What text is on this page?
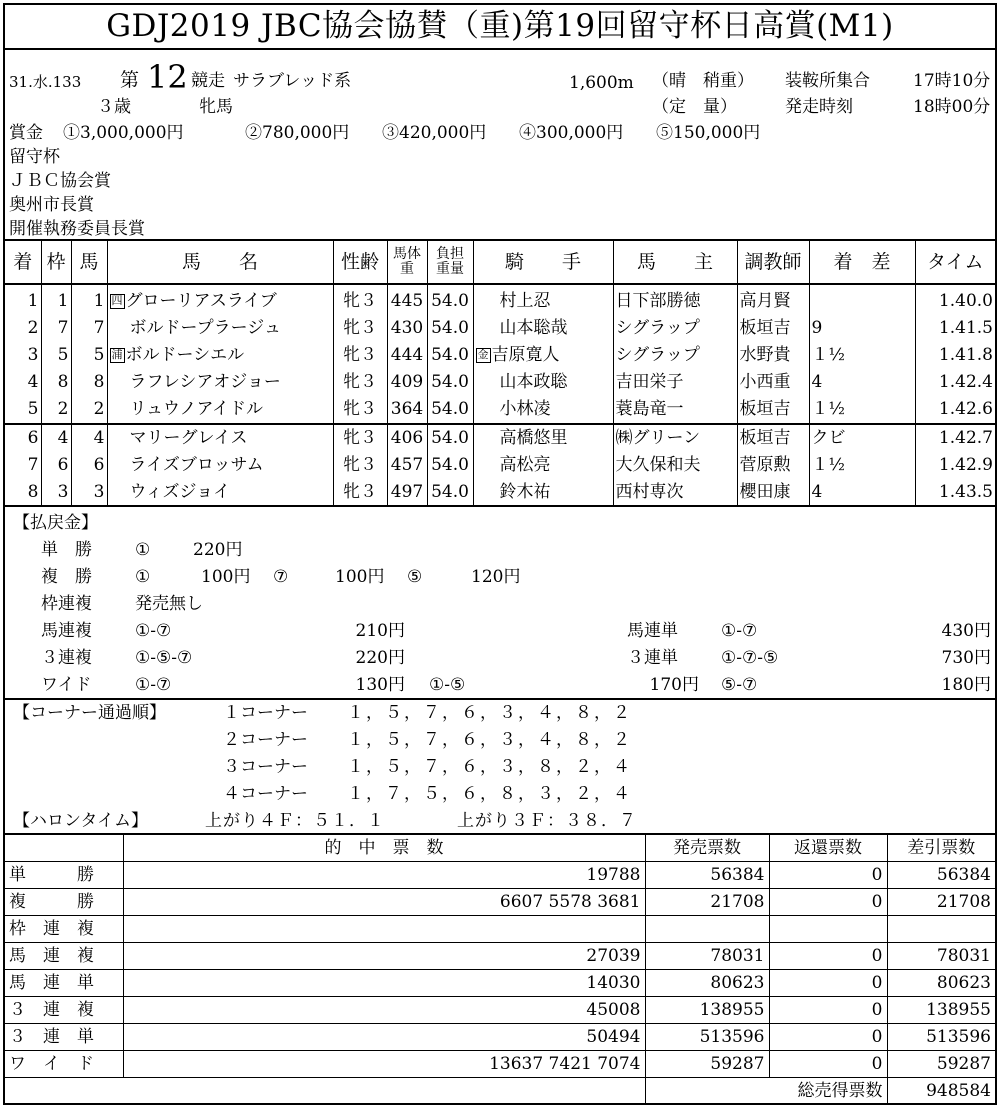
GDJ2019 JBC協会協賛（重)第19回留守杯日高賞(M1)
31.水.133 第 12 競走 サラブレッド系	1,600m （晴　稍重） 装鞍所集合	17時10分
３歳	牝馬	（定　量）	発走時刻	18時00分
賞金 ①3,000,000円	②780,000円 ③420,000円 ④300,000円 ⑤150,000円
留守杯
ＪＢＣ協会賞
奥州市長賞
開催執務委員長賞
着	枠	馬	馬　　名	性齢	馬体重	負担重量	騎　　手	馬　　主	調教師	着　差	タイム
1	1	1	四 グローリアスライブ	牝３	445	54.0	村上忍	日下部勝徳	高月賢		1.40.0
2	7	7	ボルドープラージュ	牝３	430	54.0	山本聡哉	シグラップ	板垣吉	9	1.41.5
3	5	5	浦 ボルドーシエル	牝３	444	54.0	金 吉原寛人	シグラップ	水野貴	１½	1.41.8
4	8	8	ラフレシアオジョー	牝３	409	54.0	山本政聡	吉田栄子	小西重	4	1.42.4
5	2	2	リュウノアイドル	牝３	364	54.0	小林凌	蓑島竜一	板垣吉	１½	1.42.6
6	4	4	マリーグレイス	牝３	406	54.0	高橋悠里	㈱グリーン	板垣吉	クビ	1.42.7
7	6	6	ライズブロッサム	牝３	457	54.0	高松亮	大久保和夫	菅原勲	１½	1.42.9
8	3	3	ウィズジョイ	牝３	497	54.0	鈴木祐	西村専次	櫻田康	4	1.43.5
【払戻金】
単　勝	①	220円
複　勝	①	100円 ⑦	100円 ⑤	120円
枠連複	発売無し
馬連複	①-⑦	210円	馬連単	①-⑦	430円
３連複	①-⑤-⑦	220円	３連単	①-⑦-⑤	730円
ワイド	①-⑦	130円 ①-⑤	170円 ⑤-⑦	180円
【コーナー通過順】	１コーナー １，５，７，６，３，４，８，２
２コーナー １，５，７，６，３，４，８，２
３コーナー １，５，７，６，３，８，２，４
４コーナー １，７，５，６，８，３，２，４
【ハロンタイム】	上がり４Ｆ：５１．１	上がり３Ｆ：３８．７
	的　中　票　数	発売票数	返還票数	差引票数
単　　　勝	19788	56384	0	56384
複　　　勝	6607 5578 3681	21708	0	21708
枠　連　複				
馬　連　複	27039	78031	0	78031
馬　連　単	14030	80623	0	80623
３　連　複	45008	138955	0	138955
３　連　単	50494	513596	0	513596
ワ　イ　ド	13637 7421 7074	59287	0	59287
		総売得票数		948584
